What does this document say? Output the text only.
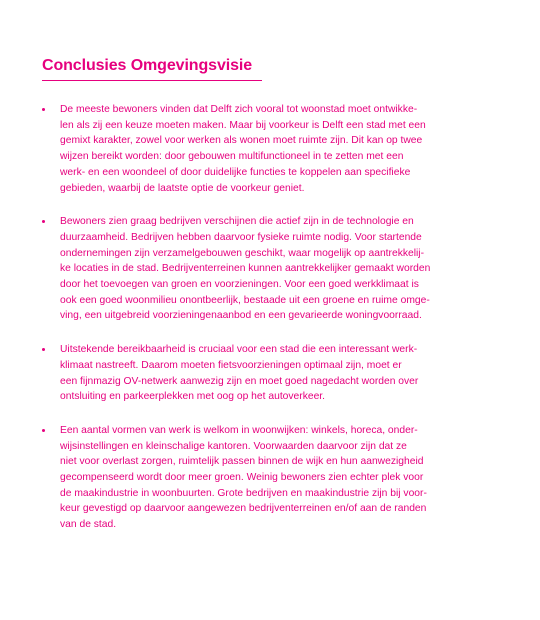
Conclusies Omgevingsvisie
De meeste bewoners vinden dat Delft zich vooral tot woonstad moet ontwikke-
len als zij een keuze moeten maken. Maar bij voorkeur is Delft een stad met een
gemixt karakter, zowel voor werken als wonen moet ruimte zijn. Dit kan op twee
wijzen bereikt worden: door gebouwen multifunctioneel in te zetten met een
werk- en een woondeel of door duidelijke functies te koppelen aan specifieke
gebieden, waarbij de laatste optie de voorkeur geniet.
Bewoners zien graag bedrijven verschijnen die actief zijn in de technologie en
duurzaamheid. Bedrijven hebben daarvoor fysieke ruimte nodig. Voor startende
ondernemingen zijn verzamelgebouwen geschikt, waar mogelijk op aantrekkelij-
ke locaties in de stad. Bedrijventerreinen kunnen aantrekkelijker gemaakt worden
door het toevoegen van groen en voorzieningen. Voor een goed werkklimaat is
ook een goed woonmilieu onontbeerlijk, bestaade uit een groene en ruime omge-
ving, een uitgebreid voorzieningenaanbod en een gevarieerde woningvoorraad.
Uitstekende bereikbaarheid is cruciaal voor een stad die een interessant werk-
klimaat nastreeft. Daarom moeten fietsvoorzieningen optimaal zijn, moet er
een fijnmazig OV-netwerk aanwezig zijn en moet goed nagedacht worden over
ontsluiting en parkeerplekken met oog op het autoverkeer.
Een aantal vormen van werk is welkom in woonwijken: winkels, horeca, onder-
wijsinstellingen en kleinschalige kantoren. Voorwaarden daarvoor zijn dat ze
niet voor overlast zorgen, ruimtelijk passen binnen de wijk en hun aanwezigheid
gecompenseerd wordt door meer groen. Weinig bewoners zien echter plek voor
de maakindustrie in woonbuurten. Grote bedrijven en maakindustrie zijn bij voor-
keur gevestigd op daarvoor aangewezen bedrijventerreinen en/of aan de randen
van de stad.
